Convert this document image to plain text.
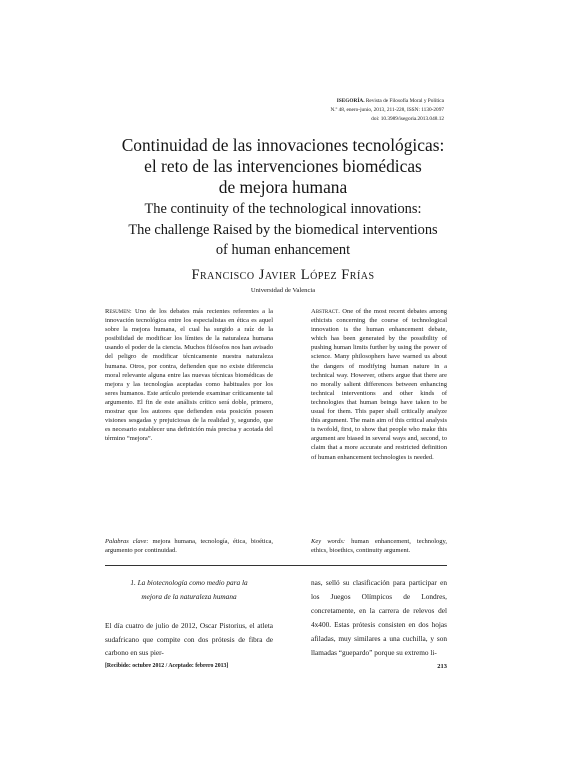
ISEGORÍA. Revista de Filosofía Moral y Política
N.º 48, enero-junio, 2013, 211-228, ISSN: 1130-2097
doi: 10.3989/isegoria.2013.048.12
Continuidad de las innovaciones tecnológicas:
el reto de las intervenciones biomédicas
de mejora humana
The continuity of the technological innovations:
The challenge Raised by the biomedical interventions
of human enhancement
Francisco Javier López Frías
Universidad de Valencia
Resumen: Uno de los debates más recientes referentes a la innovación tecnológica entre los especialistas en ética es aquel sobre la mejora humana, el cual ha surgido a raíz de la posibilidad de modificar los límites de la naturaleza humana usando el poder de la ciencia. Muchos filósofos nos han avisado del peligro de modificar técnicamente nuestra naturaleza humana. Otros, por contra, defienden que no existe diferencia moral relevante alguna entre las nuevas técnicas biomédicas de mejora y las tecnologías aceptadas como habituales por los seres humanos. Este artículo pretende examinar críticamente tal argumento. El fin de este análisis crítico será doble, primero, mostrar que los autores que defienden esta posición poseen visiones sesgadas y prejuiciosas de la realidad y, segundo, que es necesario establecer una definición más precisa y acotada del término “mejora”.
Abstract. One of the most recent debates among ethicists concerning the course of technological innovation is the human enhancement debate, which has been generated by the possibility of pushing human limits further by using the power of science. Many philosophers have warned us about the dangers of modifying human nature in a technical way. However, others argue that there are no morally salient differences between enhancing technical interventions and other kinds of technologies that human beings have taken to be usual for them. This paper shall critically analyze this argument. The main aim of this critical analysis is twofold, first, to show that people who make this argument are biased in several ways and, second, to claim that a more accurate and restricted definition of human enhancement technologies is needed.
Palabras clave: mejora humana, tecnología, ética, bioética, argumento por continuidad.
Key words: human enhancement, technology, ethics, bioethics, continuity argument.
1. La biotecnología como medio para la
mejora de la naturaleza humana
El día cuatro de julio de 2012, Oscar Pistorius, el atleta sudafricano que compite con dos prótesis de fibra de carbono en sus pier-
nas, selló su clasificación para participar en los Juegos Olímpicos de Londres, concretamente, en la carrera de relevos del 4x400. Estas prótesis consisten en dos hojas afiladas, muy similares a una cuchilla, y son llamadas “guepardo” porque su extremo li-
[Recibido: octubre 2012 / Aceptado: febrero 2013]	213
